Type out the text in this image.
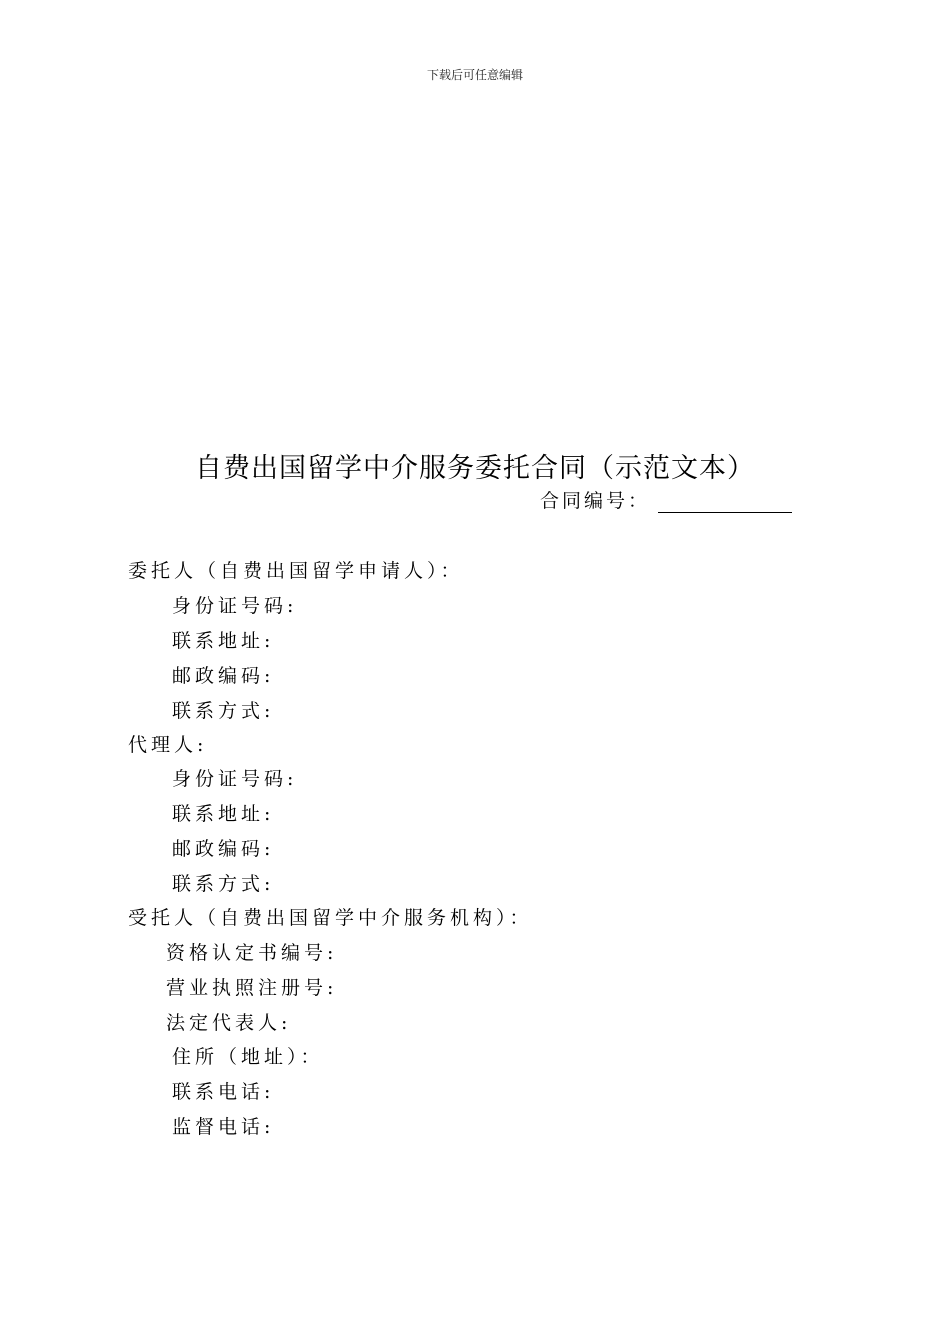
下载后可任意编辑
自费出国留学中介服务委托合同（示范文本）
合同编号：
委托人（自费出国留学申请人）：
身份证号码:
联系地址:
邮政编码:
联系方式:
代理人:
身份证号码:
联系地址:
邮政编码:
联系方式:
受托人（自费出国留学中介服务机构）：
资格认定书编号:
营业执照注册号:
法定代表人:
住所（地址）：
联系电话:
监督电话:
